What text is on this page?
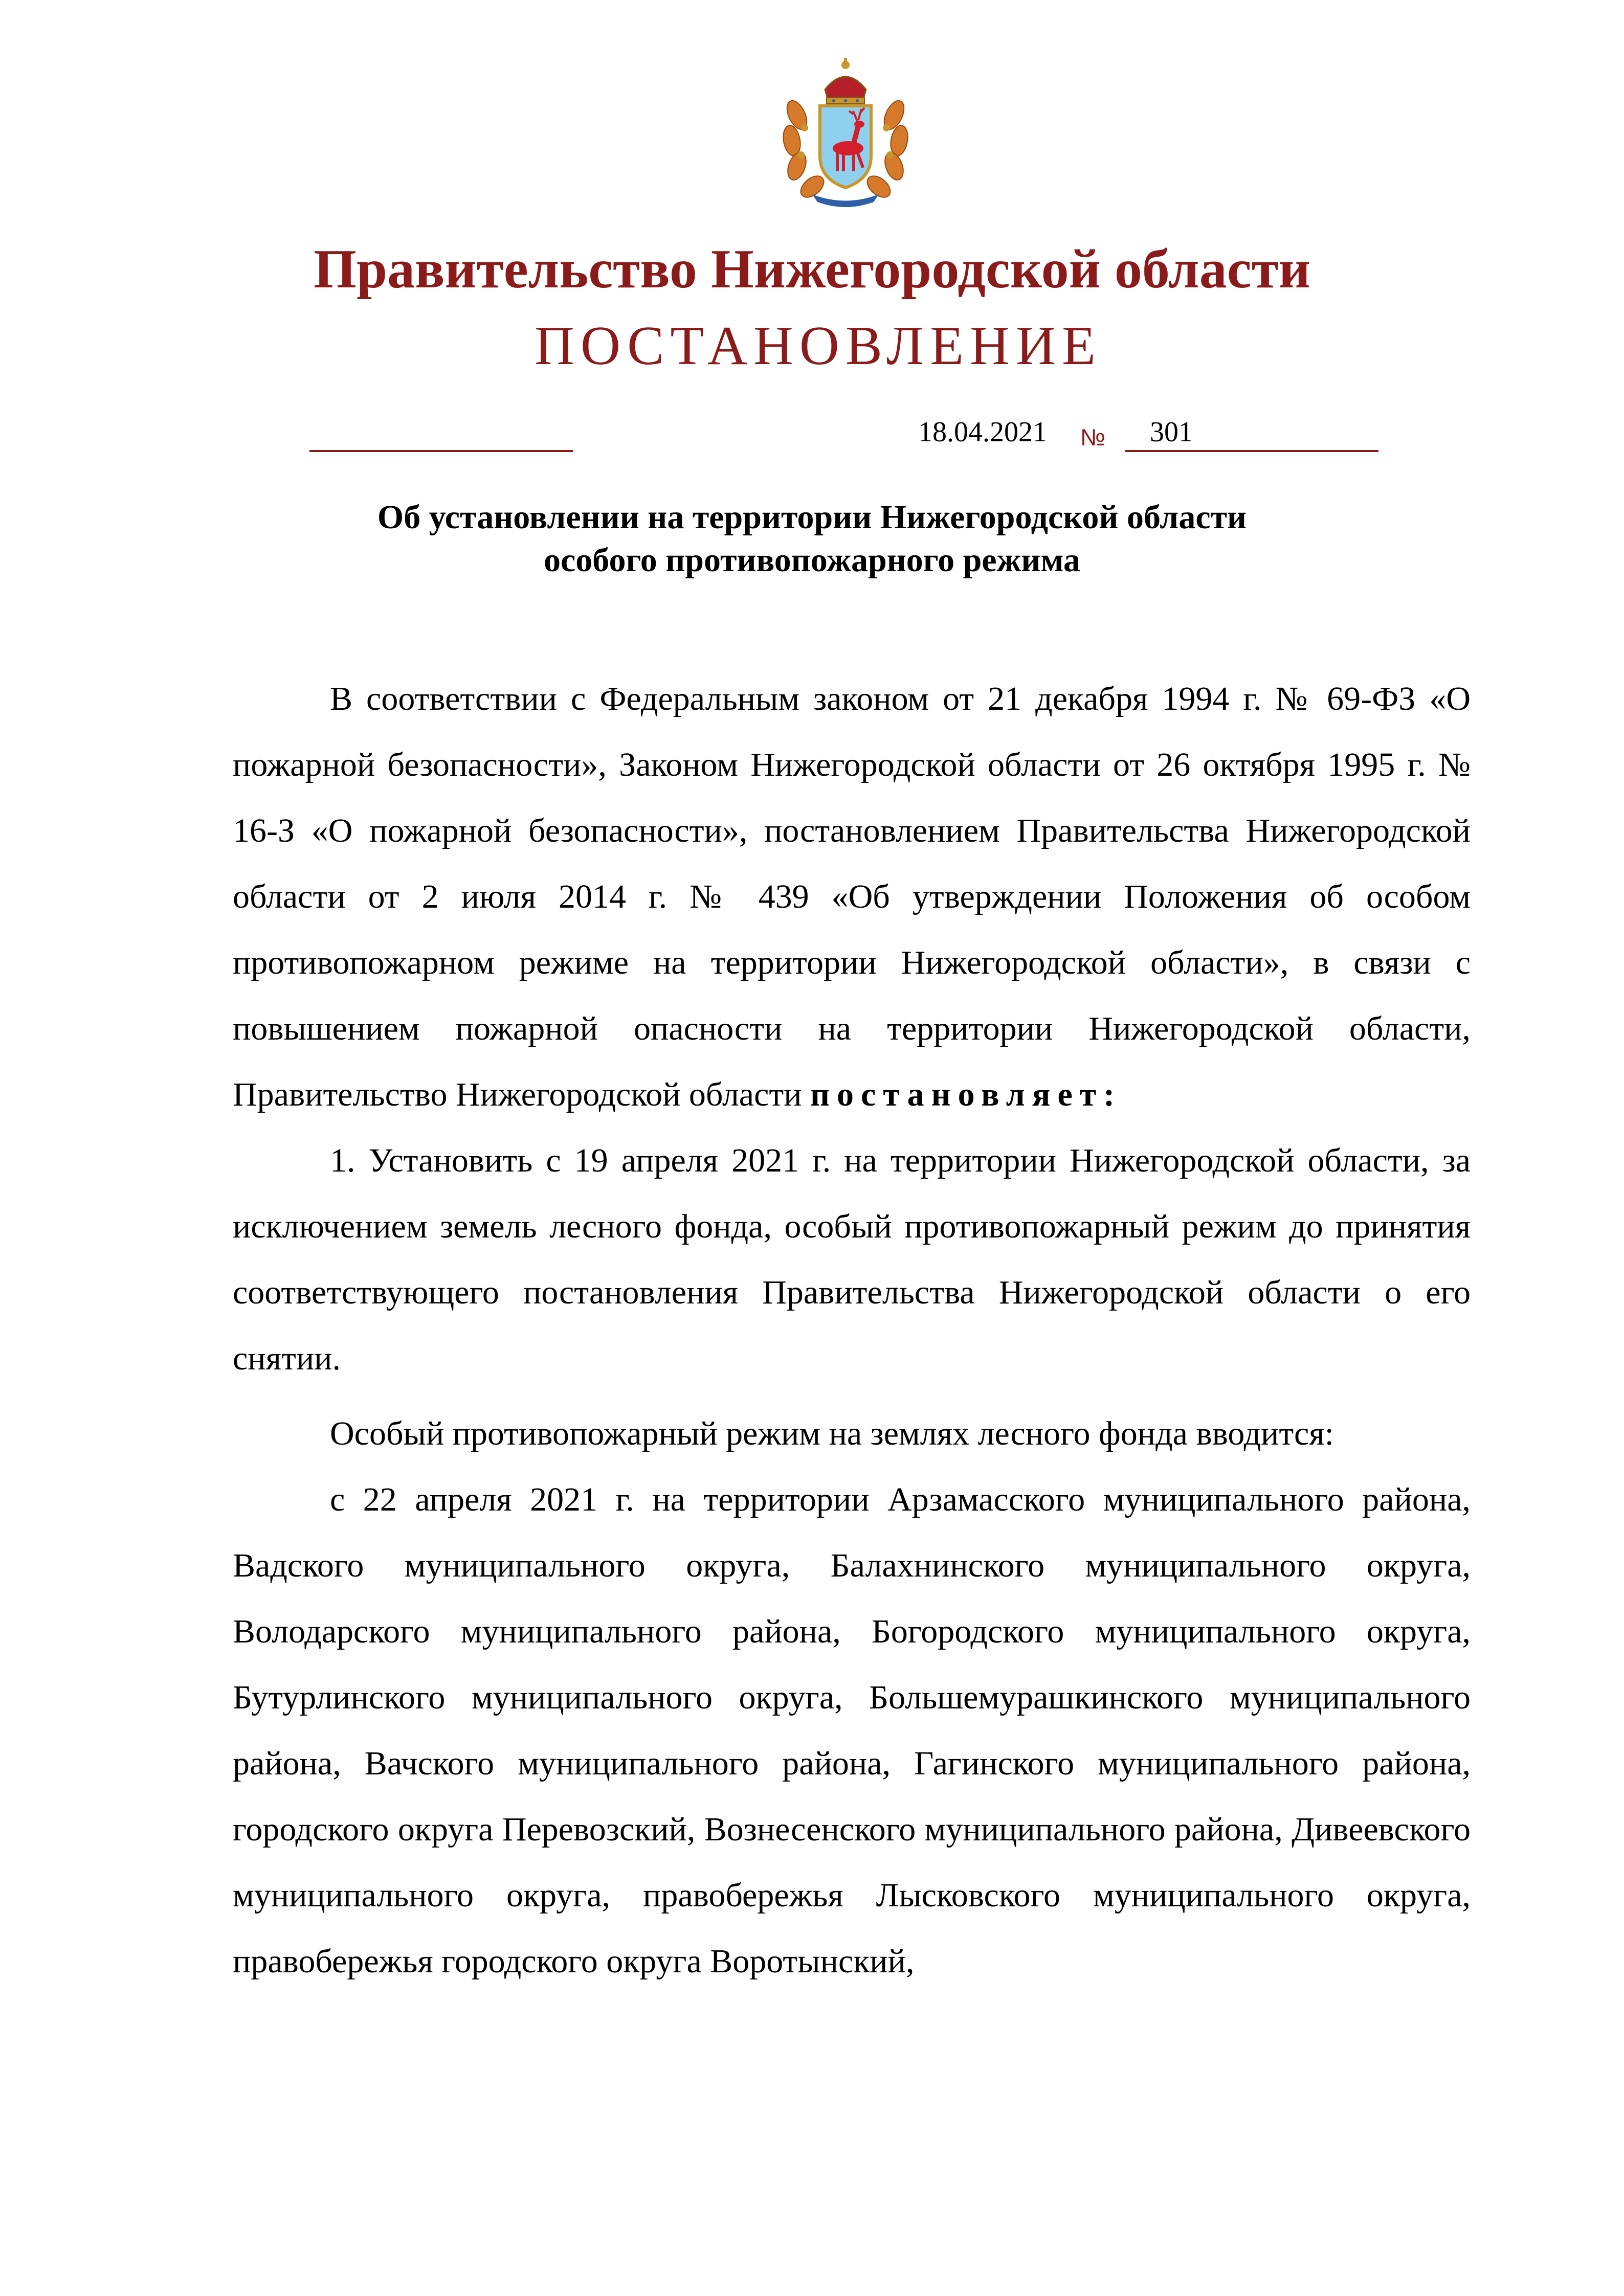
Правительство Нижегородской области
ПОСТАНОВЛЕНИЕ
18.04.2021 № 301
Об установлении на территории Нижегородской области
особого противопожарного режима

В соответствии с Федеральным законом от 21 декабря 1994 г. № 69-ФЗ «О пожарной безопасности», Законом Нижегородской области от 26 октября 1995 г. № 16-З «О пожарной безопасности», постановлением Правительства Нижегородской области от 2 июля 2014 г. № 439 «Об утверждении Положения об особом противопожарном режиме на территории Нижегородской области», в связи с повышением пожарной опасности на территории Нижегородской области, Правительство Нижегородской области постановляет:

1. Установить с 19 апреля 2021 г. на территории Нижегородской области, за исключением земель лесного фонда, особый противопожарный режим до принятия соответствующего постановления Правительства Нижегородской области о его снятии.

Особый противопожарный режим на землях лесного фонда вводится:

с 22 апреля 2021 г. на территории Арзамасского муниципального района, Вадского муниципального округа, Балахнинского муниципального округа, Володарского муниципального района, Богородского муниципального округа, Бутурлинского муниципального округа, Большемурашкинского муниципального района, Вачского муниципального района, Гагинского муниципального района, городского округа Перевозский, Вознесенского муниципального района, Дивеевского муниципального округа, правобережья Лысковского муниципального округа, правобережья городского округа Воротынский,
